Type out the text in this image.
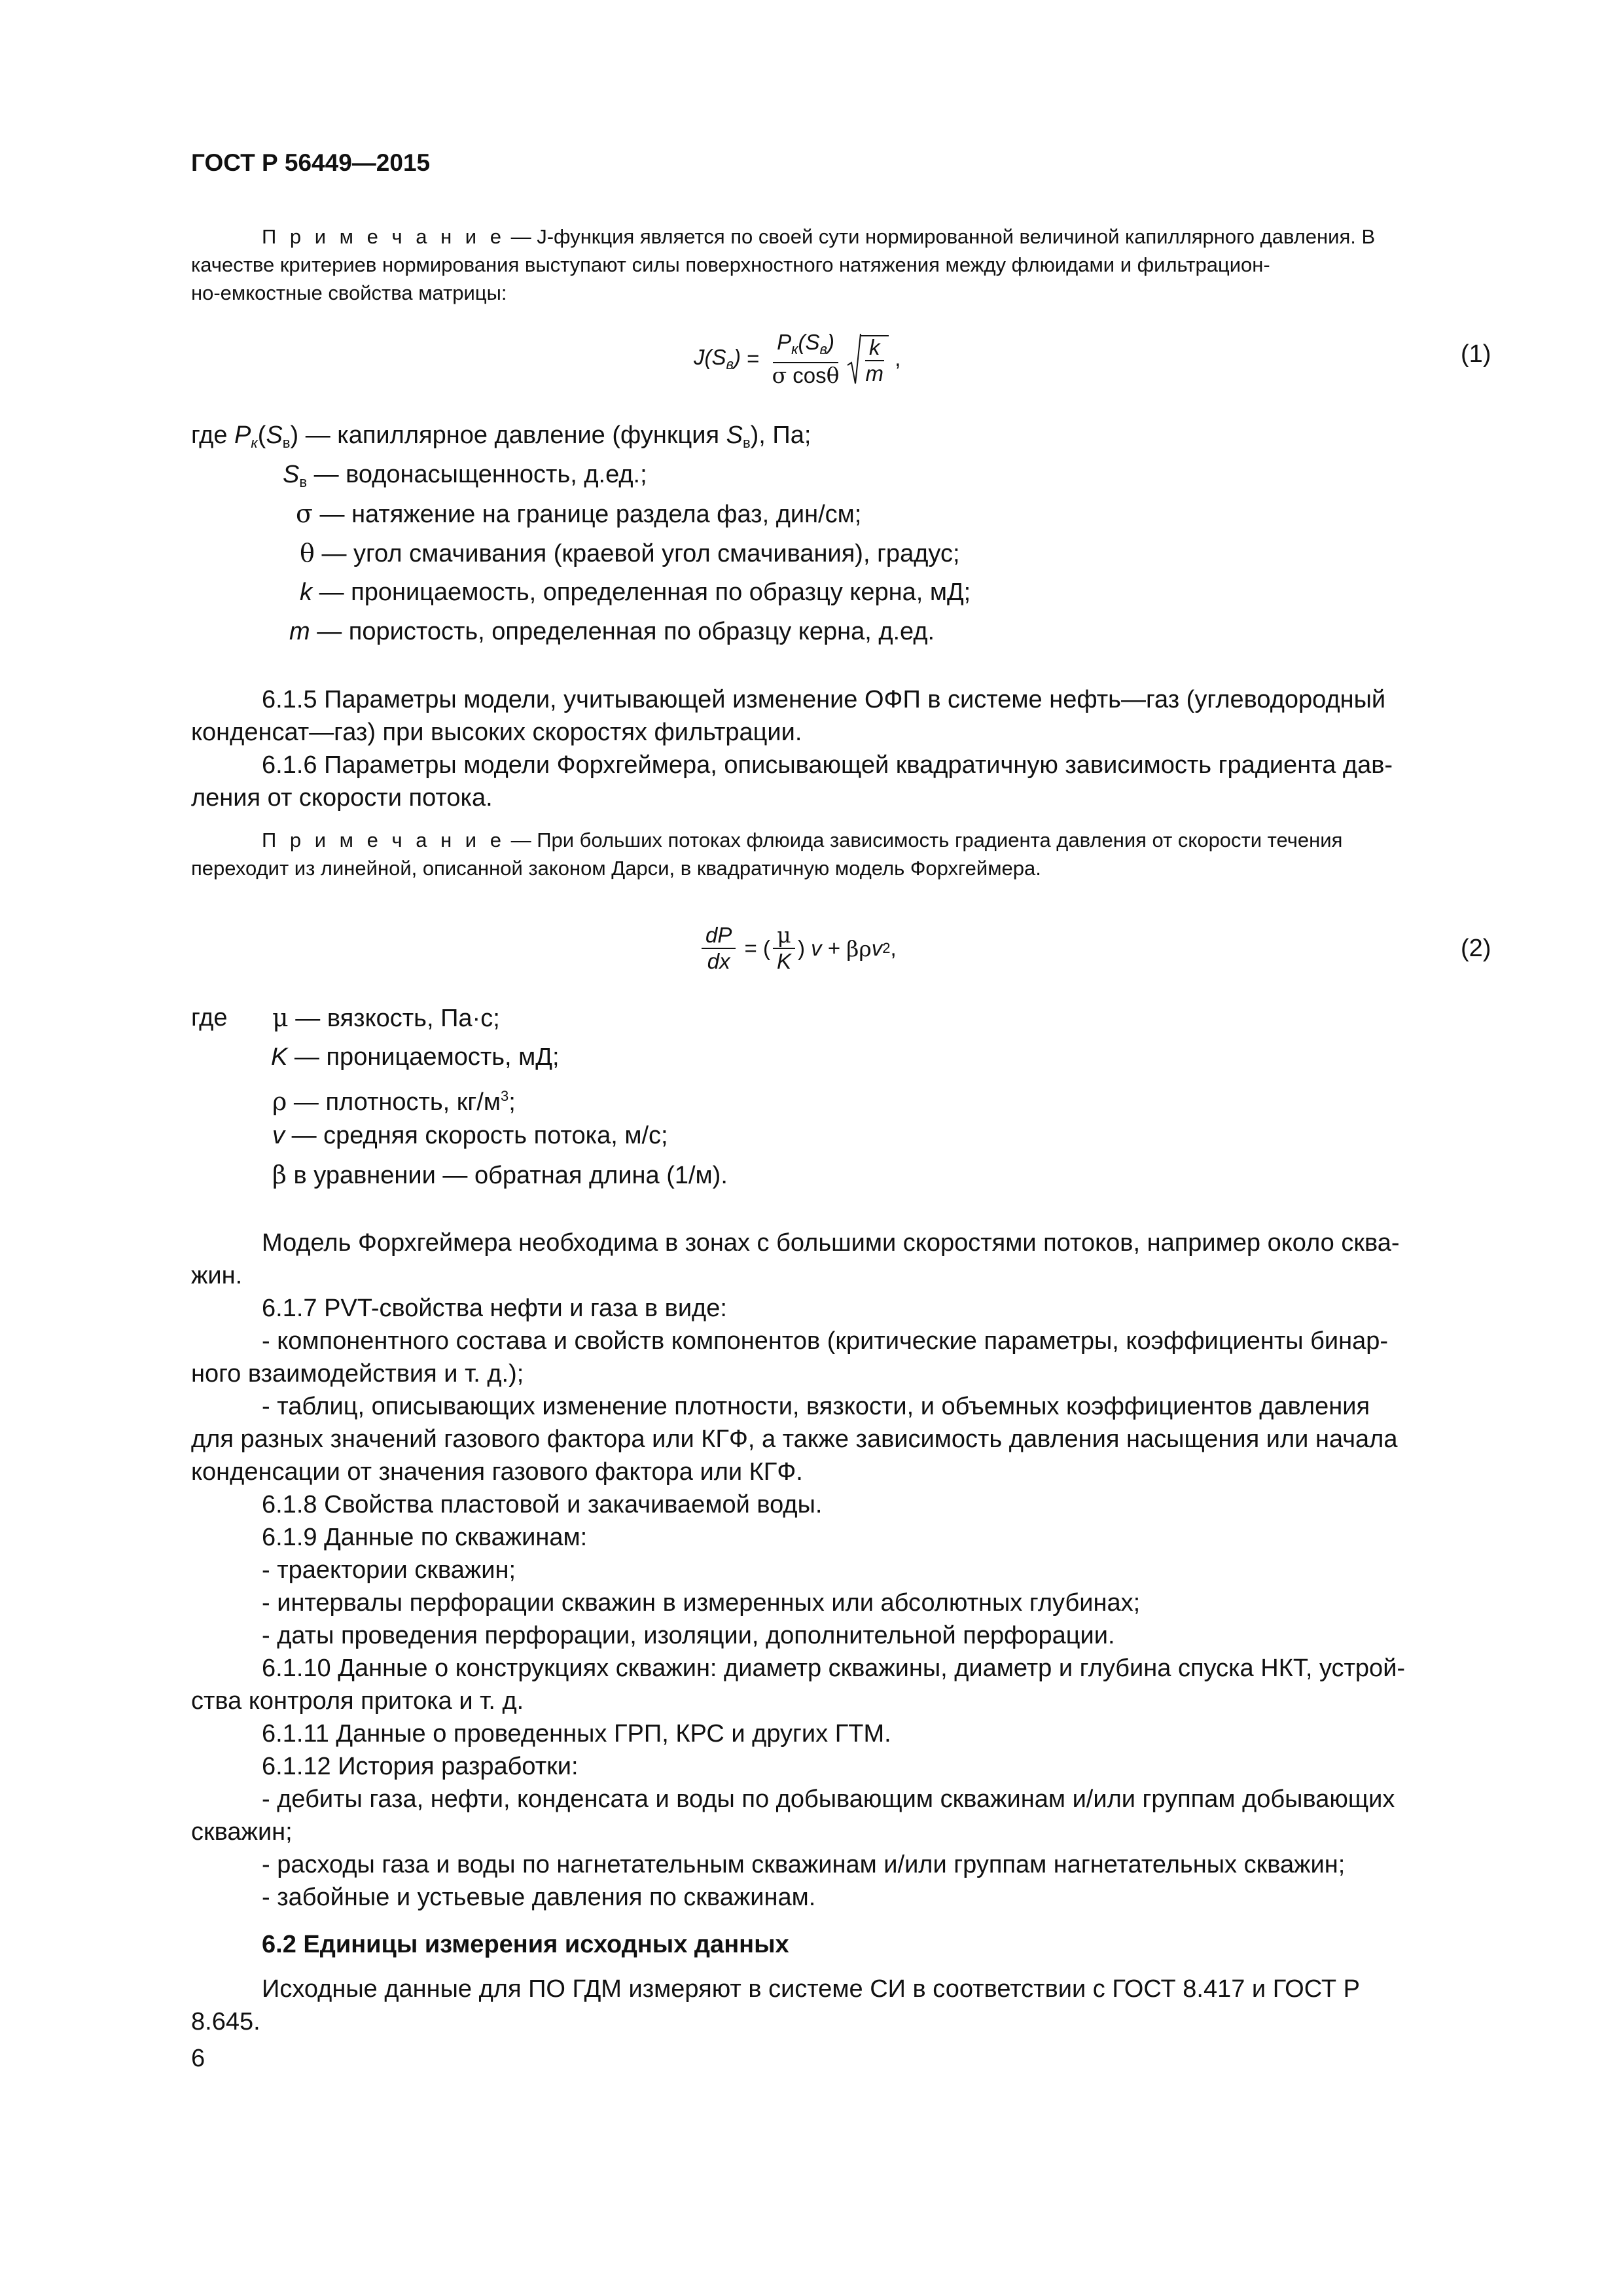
ГОСТ Р 56449—2015
П р и м е ч а н и е — J-функция является по своей сути нормированной величиной капиллярного давления. В
качестве критериев нормирования выступают силы поверхностного натяжения между флюидами и фильтрацион-
но-емкостные свойства матрицы:
$J(S_в) = \frac{P_к(S_в)}{\text{σ cosθ}} \frac{k}{m}$ ,	(1)
где $P_к(S_в)$ — капиллярное давление (функция $S_в$), Па;
$S_в$ — водонасыщенность, д.ед.;
σ — натяжение на границе раздела фаз, дин/см;
θ — угол смачивания (краевой угол смачивания), градус;
k — проницаемость, определенная по образцу керна, мД;
m — пористость, определенная по образцу керна, д.ед.
6.1.5 Параметры модели, учитывающей изменение ОФП в системе нефть—газ (углеводородный
конденсат—газ) при высоких скоростях фильтрации.
6.1.6 Параметры модели Форхгеймера, описывающей квадратичную зависимость градиента дав-
ления от скорости потока.
П р и м е ч а н и е — При больших потоках флюида зависимость градиента давления от скорости течения
переходит из линейной, описанной законом Дарси, в квадратичную модель Форхгеймера.
$\frac{dP}{dx}$ = ( $\frac{\mu}{K}$ ) v + βρ v 2 ,	(2)
где μ — вязкость, Па·с;
K — проницаемость, мД;
ρ — плотность, $кг/м^3$;
v — средняя скорость потока, м/с;
β в уравнении — обратная длина (1/м).
Модель Форхгеймера необходима в зонах с большими скоростями потоков, например около сква-
жин.
6.1.7 PVT-свойства нефти и газа в виде:
- компонентного состава и свойств компонентов (критические параметры, коэффициенты бинар-
ного взаимодействия и т. д.);
- таблиц, описывающих изменение плотности, вязкости, и объемных коэффициентов давления
для разных значений газового фактора или КГФ, а также зависимость давления насыщения или начала
конденсации от значения газового фактора или КГФ.
6.1.8 Свойства пластовой и закачиваемой воды.
6.1.9 Данные по скважинам:
- траектории скважин;
- интервалы перфорации скважин в измеренных или абсолютных глубинах;
- даты проведения перфорации, изоляции, дополнительной перфорации.
6.1.10 Данные о конструкциях скважин: диаметр скважины, диаметр и глубина спуска НКТ, устрой-
ства контроля притока и т. д.
6.1.11 Данные о проведенных ГРП, КРС и других ГТМ.
6.1.12 История разработки:
- дебиты газа, нефти, конденсата и воды по добывающим скважинам и/или группам добывающих
скважин;
- расходы газа и воды по нагнетательным скважинам и/или группам нагнетательных скважин;
- забойные и устьевые давления по скважинам.
6.2 Единицы измерения исходных данных
Исходные данные для ПО ГДМ измеряют в системе СИ в соответствии с ГОСТ 8.417 и ГОСТ Р
8.645.
6
